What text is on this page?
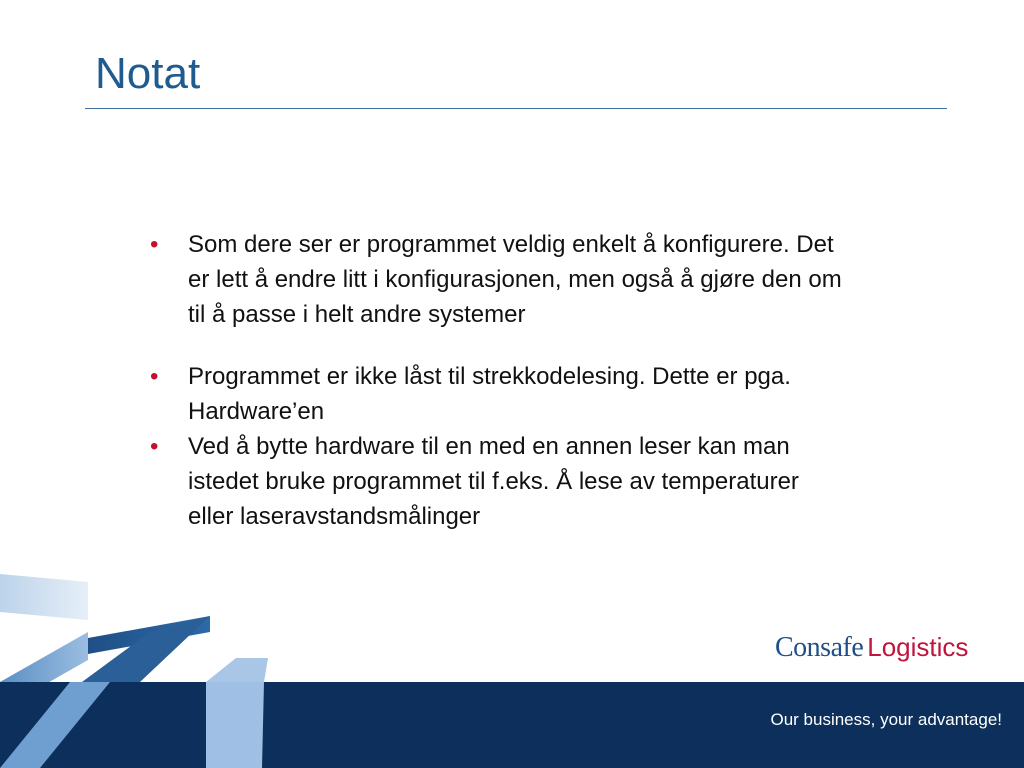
Notat
• Som dere ser er programmet veldig enkelt å konfigurere. Det er lett å endre litt i konfigurasjonen, men også å gjøre den om til å passe i helt andre systemer
• Programmet er ikke låst til strekkodelesing. Dette er pga. Hardware’en
• Ved å bytte hardware til en med en annen leser kan man istedet bruke programmet til f.eks. Å lese av temperaturer eller laseravstandsmålinger
Consafe Logistics
Our business, your advantage!
